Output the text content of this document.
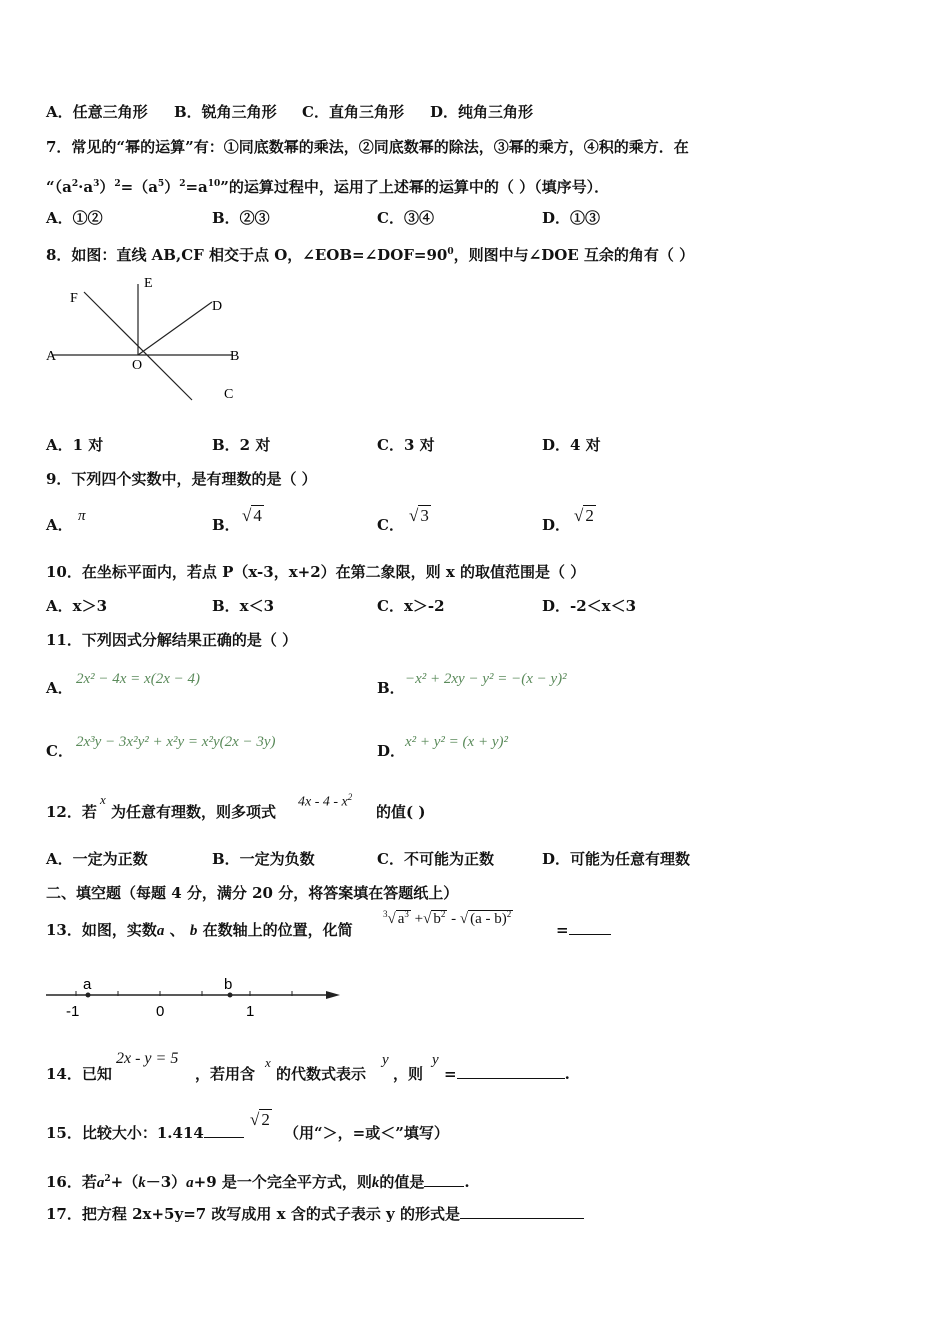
A．任意三角形 B．锐角三角形 C．直角三角形 D．纯角三角形
7．常见的“幂的运算”有：①同底数幂的乘法，②同底数幂的除法，③幂的乘方，④积的乘方．在
“$(a^2\cdot a^3)^2=(a^5)^2=a^{10}$”的运算过程中，运用了上述幂的运算中的（ ）（填序号）．
A．①②	B．②③	C．③④	D．①③
8．如图：直线 AB,CF 相交于点 O，$\angle EOB=\angle DOF=90^0$，则图中与∠DOE 互余的角有（ ）
F
E
D
A
O
B
C
A．1 对	B．2 对	C．3 对	D．4 对
9．下列四个实数中，是有理数的是（ ）
A． π	B． √ 4	C． √ 3	D． √ 2
10．在坐标平面内，若点 P（x-3，x+2）在第二象限，则 x 的取值范围是（ ）
A．x＞3	B．x＜3	C．x＞-2	D．-2＜x＜3
11．下列因式分解结果正确的是（ ）
A． 2x² − 4x = x(2x − 4)	B． −x² + 2xy − y² = −(x − y)²
C． 2x³y − 3x²y² + x²y = x²y(2x − 3y)	D． x² + y² = (x + y)²
12．若
x
为任意有理数，则多项式
$4x - 4 - x^2$
的值( )
A．一定为正数	B．一定为负数	C．不可能为正数	D．可能为任意有理数
二、填空题（每题 4 分，满分 20 分，将答案填在答题纸上）
13．如图，实数a 、 b 在数轴上的位置，化简
$^3$√ $a^3$ +√ $b^2$ - √ (a - b)$^2$
=
a	b
-1	0	1
14．已知
2x - y = 5
，若用含
x
的代数式表示
y
，则
y
=	.
15．比较大小：1.414
√ 2
（用“＞，=或＜”填写）
16．若$a^2+(k-3)a+9$ 是一个完全平方式，则k的值是	.
17．把方程 2x+5y=7 改写成用 x 含的式子表示 y 的形式是
